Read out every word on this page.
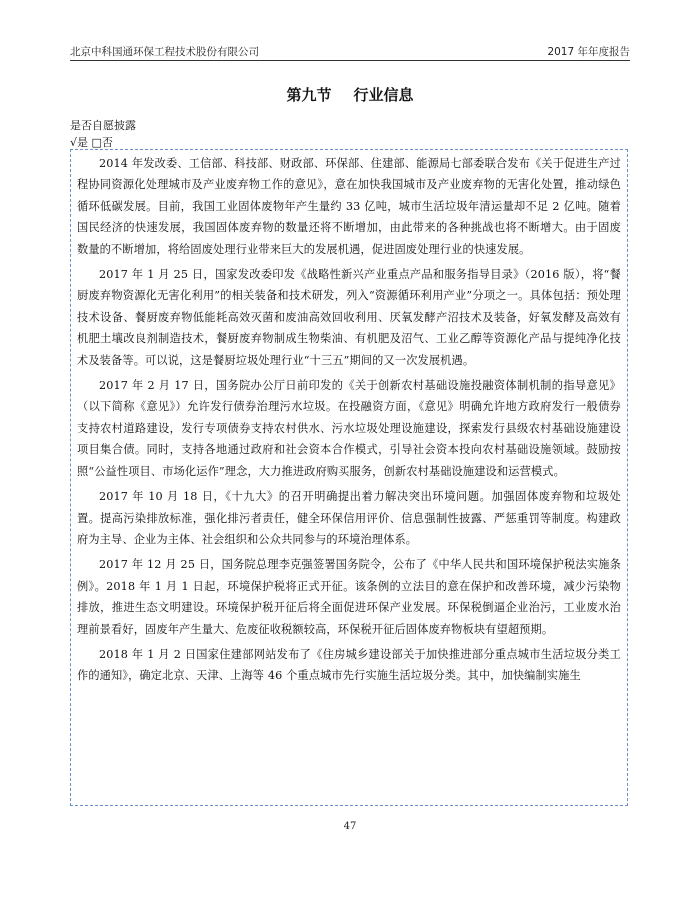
北京中科国通环保工程技术股份有限公司	2017 年年度报告
第九节 行业信息
是否自愿披露
√是 □否

2014 年发改委、工信部、科技部、财政部、环保部、住建部、能源局七部委联合发布《关于促进生产过程协同资源化处理城市及产业废弃物工作的意见》，意在加快我国城市及产业废弃物的无害化处置，推动绿色循环低碳发展。目前，我国工业固体废物年产生量约 33 亿吨，城市生活垃圾年清运量却不足 2 亿吨。随着国民经济的快速发展，我国固体废弃物的数量还将不断增加，由此带来的各种挑战也将不断增大。由于固废数量的不断增加，将给固废处理行业带来巨大的发展机遇，促进固废处理行业的快速发展。

2017 年 1 月 25 日，国家发改委印发《战略性新兴产业重点产品和服务指导目录》（2016 版），将“餐厨废弃物资源化无害化利用”的相关装备和技术研发，列入“资源循环利用产业”分项之一。具体包括：预处理技术设备、餐厨废弃物低能耗高效灭菌和废油高效回收利用、厌氧发酵产沼技术及装备，好氧发酵及高效有机肥土壤改良剂制造技术，餐厨废弃物制成生物柴油、有机肥及沼气、工业乙醇等资源化产品与提纯净化技术及装备等。可以说，这是餐厨垃圾处理行业“十三五”期间的又一次发展机遇。

2017 年 2 月 17 日，国务院办公厅日前印发的《关于创新农村基础设施投融资体制机制的指导意见》（以下简称《意见》）允许发行债券治理污水垃圾。在投融资方面，《意见》明确允许地方政府发行一般债券支持农村道路建设，发行专项债券支持农村供水、污水垃圾处理设施建设，探索发行县级农村基础设施建设项目集合债。同时，支持各地通过政府和社会资本合作模式，引导社会资本投向农村基础设施领域。鼓励按照“公益性项目、市场化运作”理念，大力推进政府购买服务，创新农村基础设施建设和运营模式。

2017 年 10 月 18 日，《十九大》的召开明确提出着力解决突出环境问题。加强固体废弃物和垃圾处置。提高污染排放标准，强化排污者责任，健全环保信用评价、信息强制性披露、严惩重罚等制度。构建政府为主导、企业为主体、社会组织和公众共同参与的环境治理体系。

2017 年 12 月 25 日，国务院总理李克强签署国务院令，公布了《中华人民共和国环境保护税法实施条例》。2018 年 1 月 1 日起，环境保护税将正式开征。该条例的立法目的意在保护和改善环境，减少污染物排放，推进生态文明建设。环境保护税开征后将全面促进环保产业发展。环保税倒逼企业治污，工业废水治理前景看好，固废年产生量大、危废征收税额较高，环保税开征后固体废弃物板块有望超预期。

2018 年 1 月 2 日国家住建部网站发布了《住房城乡建设部关于加快推进部分重点城市生活垃圾分类工作的通知》，确定北京、天津、上海等 46 个重点城市先行实施生活垃圾分类。其中，加快编制实施生

47
